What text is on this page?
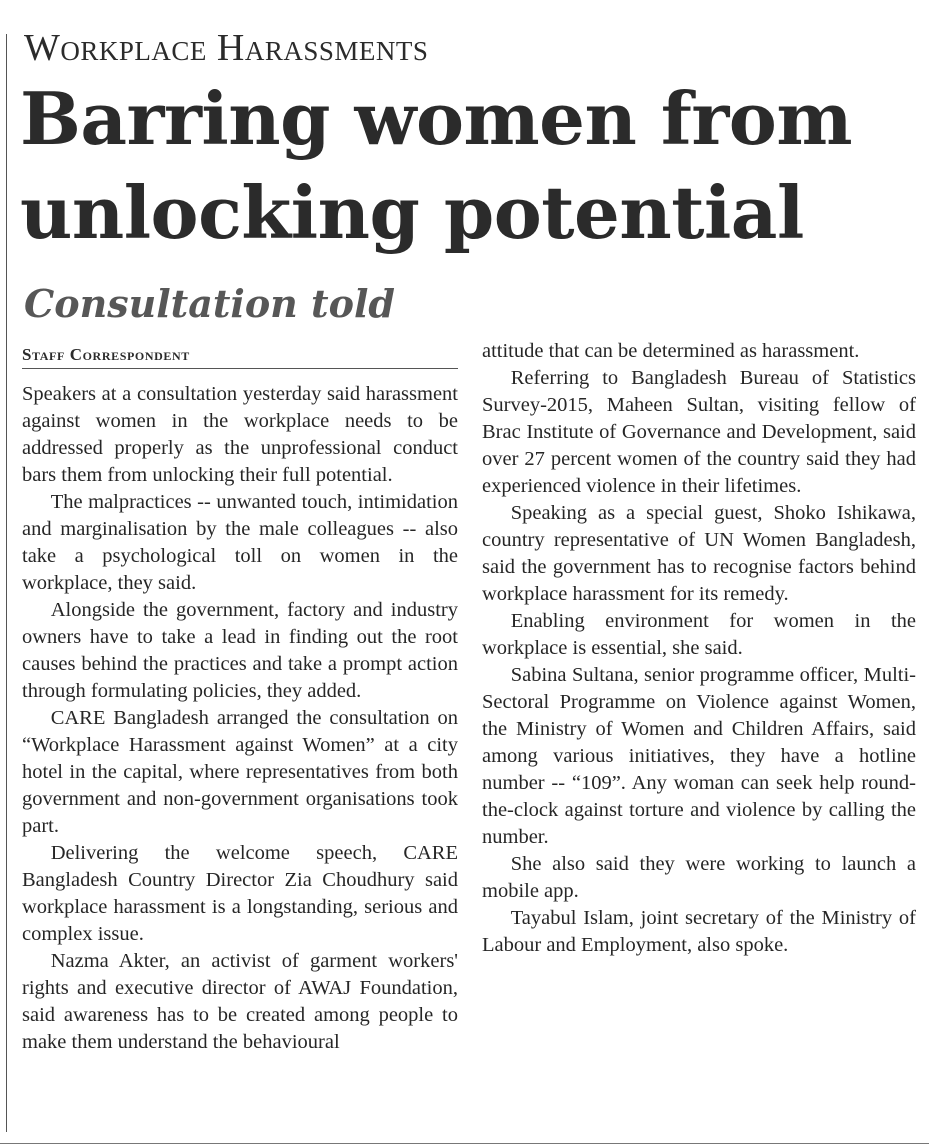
Workplace Harassments
Barring women from unlocking potential
Consultation told
Staff Correspondent

Speakers at a consultation yesterday said harassment against women in the workplace needs to be addressed properly as the unprofessional conduct bars them from unlocking their full potential.

The malpractices -- unwanted touch, intimidation and marginalisation by the male colleagues -- also take a psychological toll on women in the workplace, they said.

Alongside the government, factory and industry owners have to take a lead in finding out the root causes behind the practices and take a prompt action through formulating policies, they added.

CARE Bangladesh arranged the consultation on “Workplace Harassment against Women” at a city hotel in the capital, where representatives from both government and non-government organisations took part.

Delivering the welcome speech, CARE Bangladesh Country Director Zia Choudhury said workplace harassment is a longstanding, serious and complex issue.

Nazma Akter, an activist of garment workers' rights and executive director of AWAJ Foundation, said awareness has to be created among people to make them understand the behavioural

attitude that can be determined as harassment.

Referring to Bangladesh Bureau of Statistics Survey-2015, Maheen Sultan, visiting fellow of Brac Institute of Governance and Development, said over 27 percent women of the country said they had experienced violence in their lifetimes.

Speaking as a special guest, Shoko Ishikawa, country representative of UN Women Bangladesh, said the government has to recognise factors behind workplace harassment for its remedy.

Enabling environment for women in the workplace is essential, she said.

Sabina Sultana, senior programme officer, Multi-Sectoral Programme on Violence against Women, the Ministry of Women and Children Affairs, said among various initiatives, they have a hotline number -- “109”. Any woman can seek help round-the-clock against torture and violence by calling the number.

She also said they were working to launch a mobile app.

Tayabul Islam, joint secretary of the Ministry of Labour and Employment, also spoke.
